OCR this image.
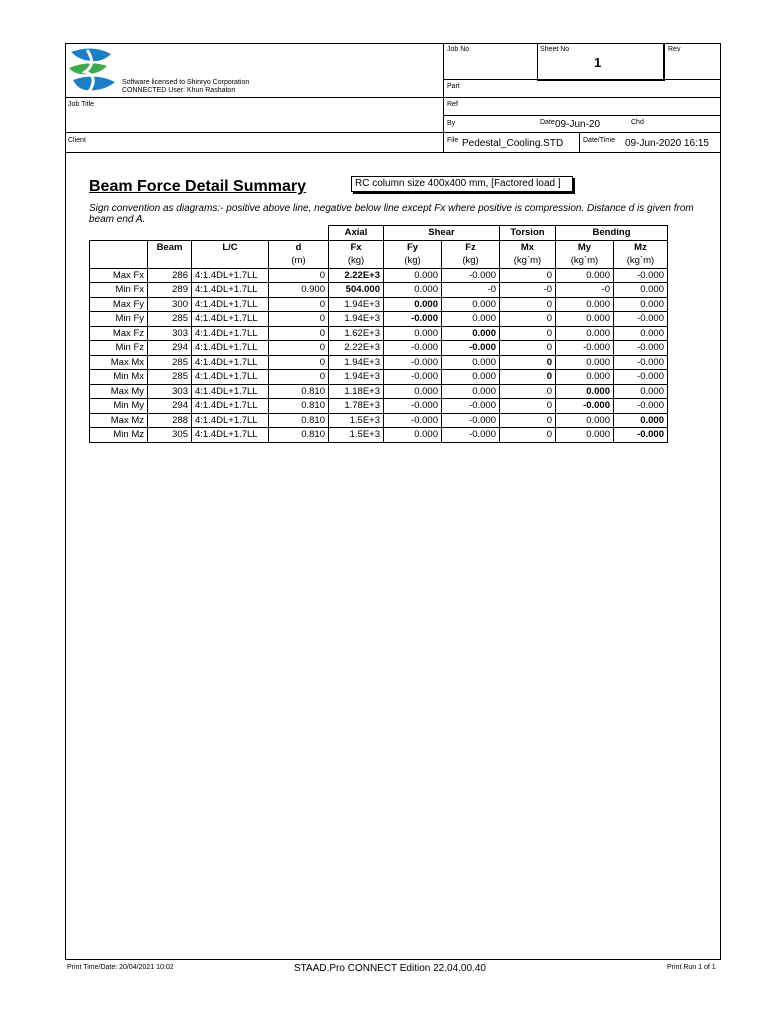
Software licensed to Shinryo Corporation
CONNECTED User: Khun Rashaton
Job No	Sheet No
1
Rev
Part
Job Title	Ref
By	Date 09-Jun-20	Chd
Client	File Pedestal_Cooling.STD	Date/Time 09-Jun-2020 16:15
Beam Force Detail Summary	RC column size 400x400 mm, [Factored load ]
Sign convention as diagrams:- positive above line, negative below line except Fx where positive is compression. Distance d is given from beam end A.
				Axial	Shear		Torsion	Bending	
	Beam	L/C	d	Fx	Fy	Fz	Mx	My	Mz
			(m)	(kg)	(kg)	(kg)	(kg`m)	(kg`m)	(kg`m)
Max Fx	286	4:1.4DL+1.7LL	0	2.22E+3	0.000	-0.000	0	0.000	-0.000
Min Fx	289	4:1.4DL+1.7LL	0.900	504.000	0.000	-0	-0	-0	0.000
Max Fy	300	4:1.4DL+1.7LL	0	1.94E+3	0.000	0.000	0	0.000	0.000
Min Fy	285	4:1.4DL+1.7LL	0	1.94E+3	-0.000	0.000	0	0.000	-0.000
Max Fz	303	4:1.4DL+1.7LL	0	1.62E+3	0.000	0.000	0	0.000	0.000
Min Fz	294	4:1.4DL+1.7LL	0	2.22E+3	-0.000	-0.000	0	-0.000	-0.000
Max Mx	285	4:1.4DL+1.7LL	0	1.94E+3	-0.000	0.000	0	0.000	-0.000
Min Mx	285	4:1.4DL+1.7LL	0	1.94E+3	-0.000	0.000	0	0.000	-0.000
Max My	303	4:1.4DL+1.7LL	0.810	1.18E+3	0.000	0.000	0	0.000	0.000
Min My	294	4:1.4DL+1.7LL	0.810	1.78E+3	-0.000	-0.000	0	-0.000	-0.000
Max Mz	288	4:1.4DL+1.7LL	0.810	1.5E+3	-0.000	-0.000	0	0.000	0.000
Min Mz	305	4:1.4DL+1.7LL	0.810	1.5E+3	0.000	-0.000	0	0.000	-0.000
Print Time/Date: 20/04/2021 10:02	STAAD.Pro CONNECT Edition 22.04.00.40	Print Run 1 of 1
